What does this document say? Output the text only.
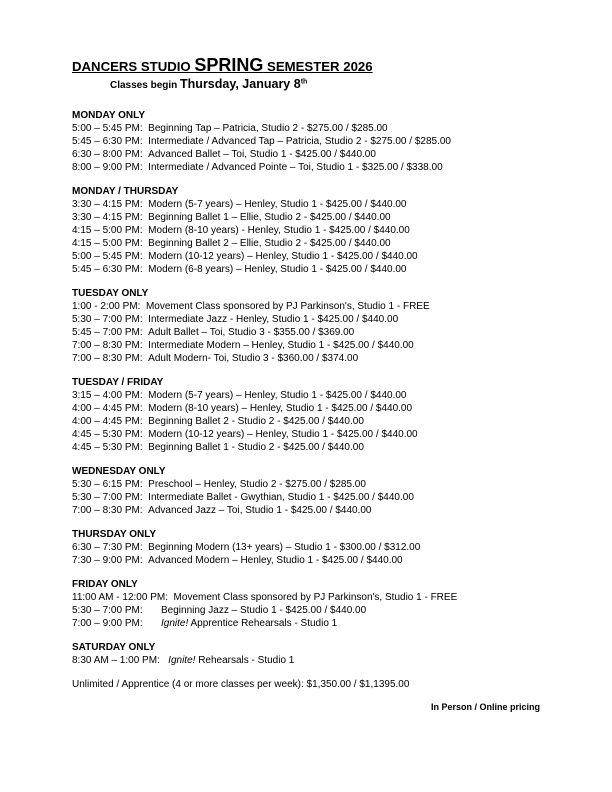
DANCERS STUDIO SPRING SEMESTER 2026
Classes begin Thursday, January 8th
MONDAY ONLY
5:00 – 5:45 PM: Beginning Tap – Patricia, Studio 2 - $275.00 / $285.00
5:45 – 6:30 PM: Intermediate / Advanced Tap – Patricia, Studio 2 - $275.00 / $285.00
6:30 – 8:00 PM: Advanced Ballet – Toi, Studio 1 - $425.00 / $440.00
8:00 – 9:00 PM: Intermediate / Advanced Pointe – Toi, Studio 1 - $325.00 / $338.00
MONDAY / THURSDAY
3:30 – 4:15 PM: Modern (5-7 years) – Henley, Studio 1 - $425.00 / $440.00
3:30 – 4:15 PM: Beginning Ballet 1 – Ellie, Studio 2 - $425.00 / $440.00
4:15 – 5:00 PM: Modern (8-10 years) - Henley, Studio 1 - $425.00 / $440.00
4:15 – 5:00 PM: Beginning Ballet 2 – Ellie, Studio 2 - $425.00 / $440.00
5:00 – 5:45 PM: Modern (10-12 years) – Henley, Studio 1 - $425.00 / $440.00
5:45 – 6:30 PM: Modern (6-8 years) – Henley, Studio 1 - $425.00 / $440.00
TUESDAY ONLY
1:00 - 2:00 PM: Movement Class sponsored by PJ Parkinson's, Studio 1 - FREE
5:30 – 7:00 PM: Intermediate Jazz - Henley, Studio 1 - $425.00 / $440.00
5:45 – 7:00 PM: Adult Ballet – Toi, Studio 3 - $355.00 / $369.00
7:00 – 8:30 PM: Intermediate Modern – Henley, Studio 1 - $425.00 / $440.00
7:00 – 8:30 PM: Adult Modern- Toi, Studio 3 - $360.00 / $374.00
TUESDAY / FRIDAY
3:15 – 4:00 PM: Modern (5-7 years) – Henley, Studio 1 - $425.00 / $440.00
4:00 – 4:45 PM: Modern (8-10 years) – Henley, Studio 1 - $425.00 / $440.00
4:00 – 4:45 PM: Beginning Ballet 2 - Studio 2 - $425.00 / $440.00
4:45 – 5:30 PM: Modern (10-12 years) – Henley, Studio 1 - $425.00 / $440.00
4:45 – 5:30 PM: Beginning Ballet 1 - Studio 2 - $425.00 / $440.00
WEDNESDAY ONLY
5:30 – 6:15 PM: Preschool – Henley, Studio 2 - $275.00 / $285.00
5:30 – 7:00 PM: Intermediate Ballet - Gwythian, Studio 1 - $425.00 / $440.00
7:00 – 8:30 PM: Advanced Jazz – Toi, Studio 1 - $425.00 / $440.00
THURSDAY ONLY
6:30 – 7:30 PM: Beginning Modern (13+ years) – Studio 1 - $300.00 / $312.00
7:30 – 9:00 PM: Advanced Modern – Henley, Studio 1 - $425.00 / $440.00
FRIDAY ONLY
11:00 AM - 12:00 PM: Movement Class sponsored by PJ Parkinson's, Studio 1 - FREE
5:30 – 7:00 PM: Beginning Jazz – Studio 1 - $425.00 / $440.00
7:00 – 9:00 PM: Ignite! Apprentice Rehearsals - Studio 1
SATURDAY ONLY
8:30 AM – 1:00 PM: Ignite! Rehearsals - Studio 1
Unlimited / Apprentice (4 or more classes per week): $1,350.00 / $1,1395.00
In Person / Online pricing
